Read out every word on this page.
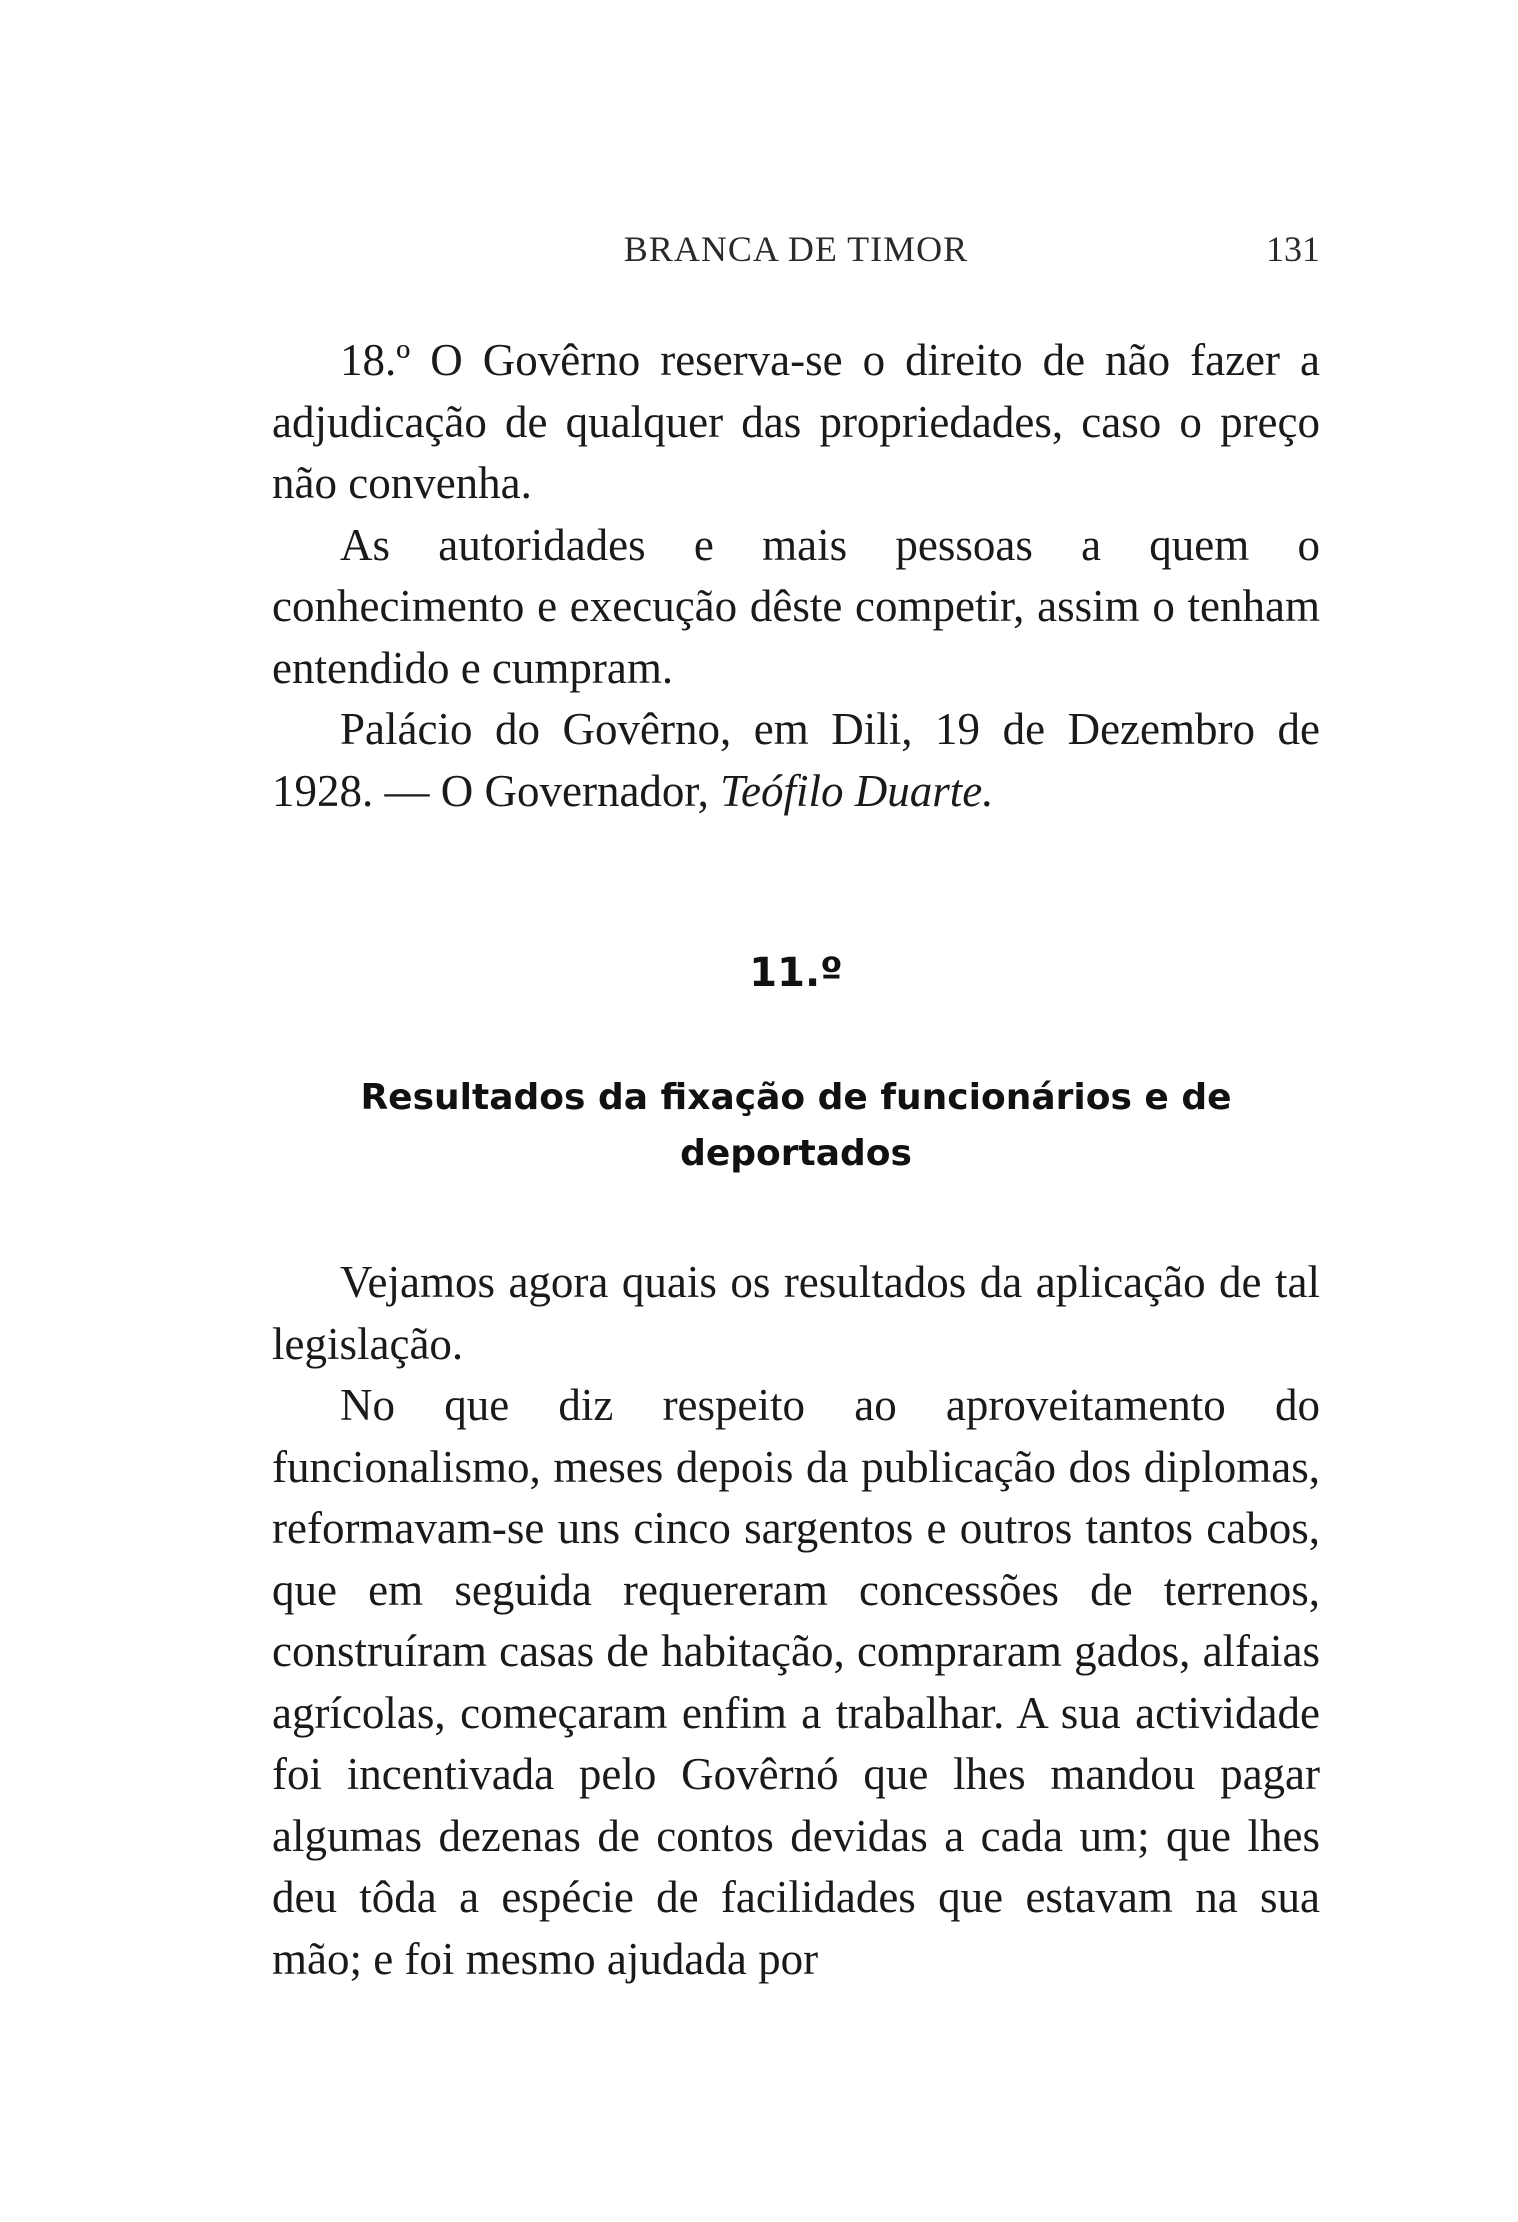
BRANCA DE TIMOR	131

18.º O Govêrno reserva-se o direito de não fazer a adjudicação de qualquer das propriedades, caso o preço não convenha.

As autoridades e mais pessoas a quem o conhecimento e execução dêste competir, assim o tenham entendido e cumpram.

Palácio do Govêrno, em Dili, 19 de Dezembro de 1928. — O Governador, Teófilo Duarte.

11.º
Resultados da fixação de funcionários e de deportados

Vejamos agora quais os resultados da aplicação de tal legislação.

No que diz respeito ao aproveitamento do funcionalismo, meses depois da publicação dos diplomas, reformavam-se uns cinco sargentos e outros tantos cabos, que em seguida requereram concessões de terrenos, construíram casas de habitação, compraram gados, alfaias agrícolas, começaram enfim a trabalhar. A sua actividade foi incentivada pelo Govêrnó que lhes mandou pagar algumas dezenas de contos devidas a cada um; que lhes deu tôda a espécie de facilidades que estavam na sua mão; e foi mesmo ajudada por
